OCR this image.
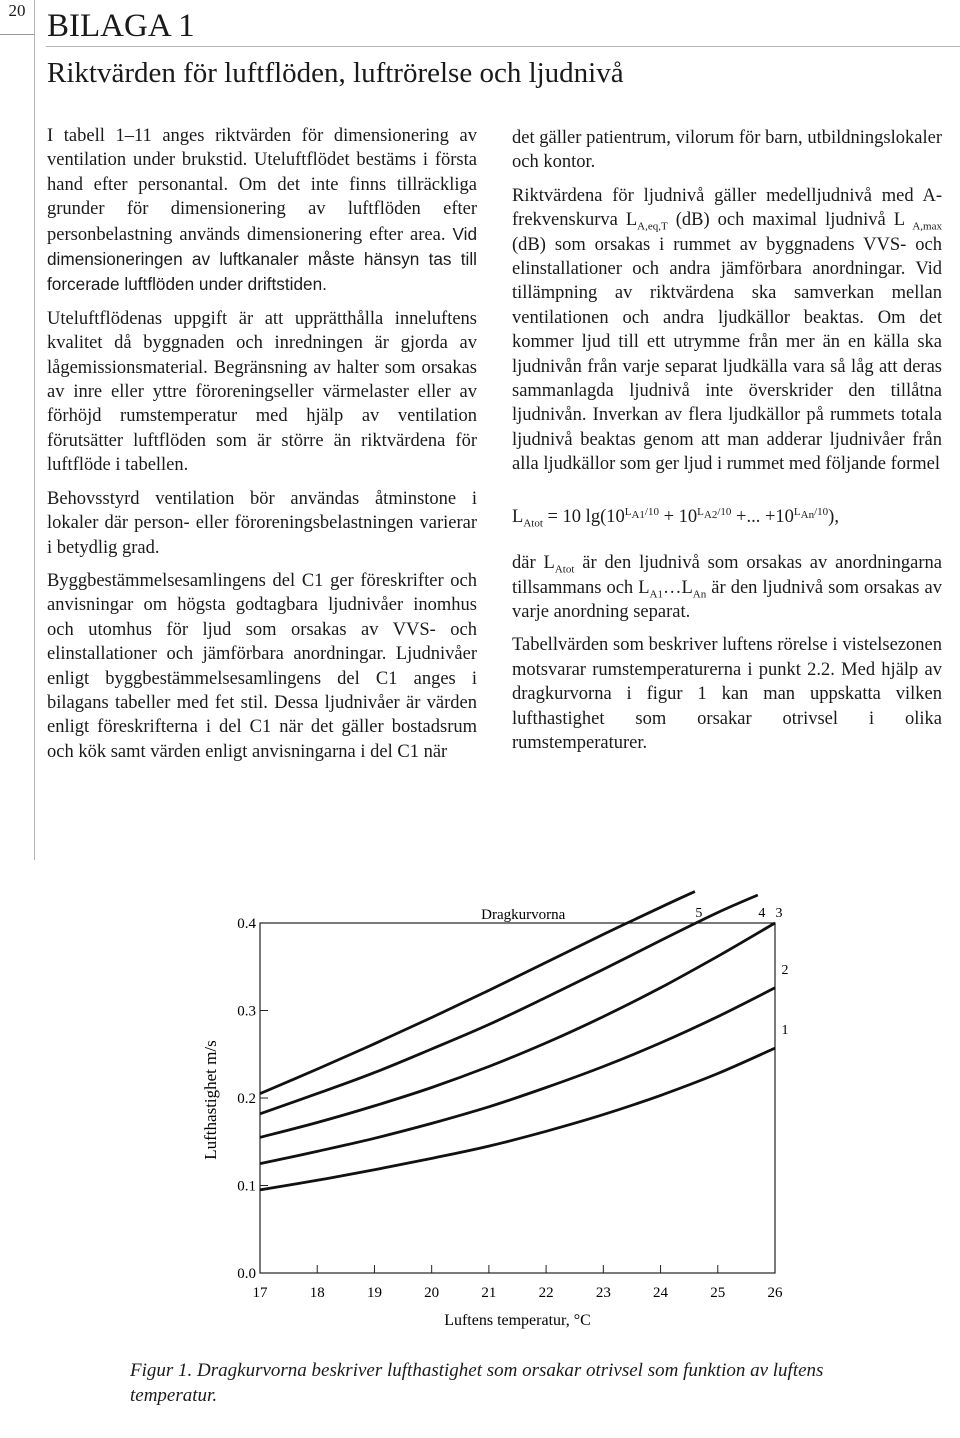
20 BILAGA 1
Riktvärden för luftflöden, luftrörelse och ljudnivå

I tabell 1–11 anges riktvärden för dimensionering av ventilation under brukstid. Uteluftflödet bestäms i första hand efter personantal. Om det inte finns tillräckliga grunder för dimensionering av luftflöden efter personbelastning används dimensionering efter area. Vid dimensioneringen av luftkanaler måste hänsyn tas till forcerade luftflöden under driftstiden.

Uteluftflödenas uppgift är att upprätthålla inneluftens kvalitet då byggnaden och inredningen är gjorda av lågemissionsmaterial. Begränsning av halter som orsakas av inre eller yttre föroreningseller värmelaster eller av förhöjd rumstemperatur med hjälp av ventilation förutsätter luftflöden som är större än riktvärdena för luftflöde i tabellen.

Behovsstyrd ventilation bör användas åtminstone i lokaler där person- eller föroreningsbelastningen varierar i betydlig grad.

Byggbestämmelsesamlingens del C1 ger föreskrifter och anvisningar om högsta godtagbara ljudnivåer inomhus och utomhus för ljud som orsakas av VVS- och elinstallationer och jämförbara anordningar. Ljudnivåer enligt byggbestämmelsesamlingens del C1 anges i bilagans tabeller med fet stil. Dessa ljudnivåer är värden enligt föreskrifterna i del C1 när det gäller bostadsrum och kök samt värden enligt anvisningarna i del C1 när

det gäller patientrum, vilorum för barn, utbildningslokaler och kontor.

Riktvärdena för ljudnivå gäller medelljudnivå med A-frekvenskurva $L_{A,eq,T}$ (dB) och maximal ljudnivå L $_{A,max}$ (dB) som orsakas i rummet av byggnadens VVS- och elinstallationer och andra jämförbara anordningar. Vid tillämpning av riktvärdena ska samverkan mellan ventilationen och andra ljudkällor beaktas. Om det kommer ljud till ett utrymme från mer än en källa ska ljudnivån från varje separat ljudkälla vara så låg att deras sammanlagda ljudnivå inte överskrider den tillåtna ljudnivån. Inverkan av flera ljudkällor på rummets totala ljudnivå beaktas genom att man adderar ljudnivåer från alla ljudkällor som ger ljud i rummet med följande formel

$L_{Atot} = 10$ $\lg(10^{L_{A1}/10} + 10^{L_{A2}/10}$ +... $+10^{L_{An}/10}$),

där $L_{Atot}$ är den ljudnivå som orsakas av anordningarna tillsammans och $L_{A1}\dots L_{An}$ är den ljudnivå som orsakas av varje anordning separat.

Tabellvärden som beskriver luftens rörelse i vistelsezonen motsvarar rumstemperaturerna i punkt 2.2. Med hjälp av dragkurvorna i figur 1 kan man uppskatta vilken lufthastighet som orsakar otrivsel i olika rumstemperaturer.

0.0
0.1
0.2
0.3
0.4
17	18	19	20	21	22	23	24	25	26
Luftens temperatur, °C
Lufthastighet m/s
Dragkurvorna
1
2
3
4
5
Figur 1. Dragkurvorna beskriver lufthastighet som orsakar otrivsel som funktion av luftens temperatur.
